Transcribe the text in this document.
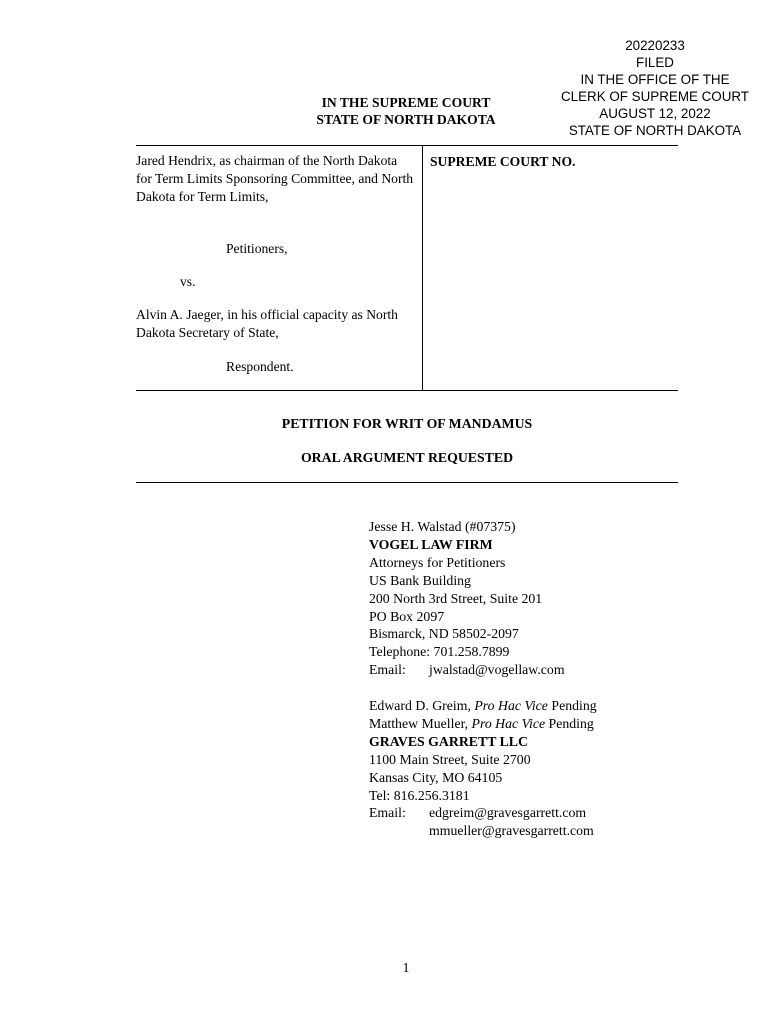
20220233
FILED
IN THE OFFICE OF THE
CLERK OF SUPREME COURT
AUGUST 12, 2022
STATE OF NORTH DAKOTA
IN THE SUPREME COURT
STATE OF NORTH DAKOTA
Jared Hendrix, as chairman of the North Dakota for Term Limits Sponsoring Committee, and North Dakota for Term Limits,
Petitioners,
vs.
Alvin A. Jaeger, in his official capacity as North Dakota Secretary of State,
Respondent.
SUPREME COURT NO.
PETITION FOR WRIT OF MANDAMUS
ORAL ARGUMENT REQUESTED
Jesse H. Walstad (#07375)
VOGEL LAW FIRM
Attorneys for Petitioners
US Bank Building
200 North 3rd Street, Suite 201
PO Box 2097
Bismarck, ND 58502-2097
Telephone: 701.258.7899
Email: jwalstad@vogellaw.com
Edward D. Greim, Pro Hac Vice Pending
Matthew Mueller, Pro Hac Vice Pending
GRAVES GARRETT LLC
1100 Main Street, Suite 2700
Kansas City, MO 64105
Tel: 816.256.3181
Email: edgreim@gravesgarrett.com
mmueller@gravesgarrett.com
1
